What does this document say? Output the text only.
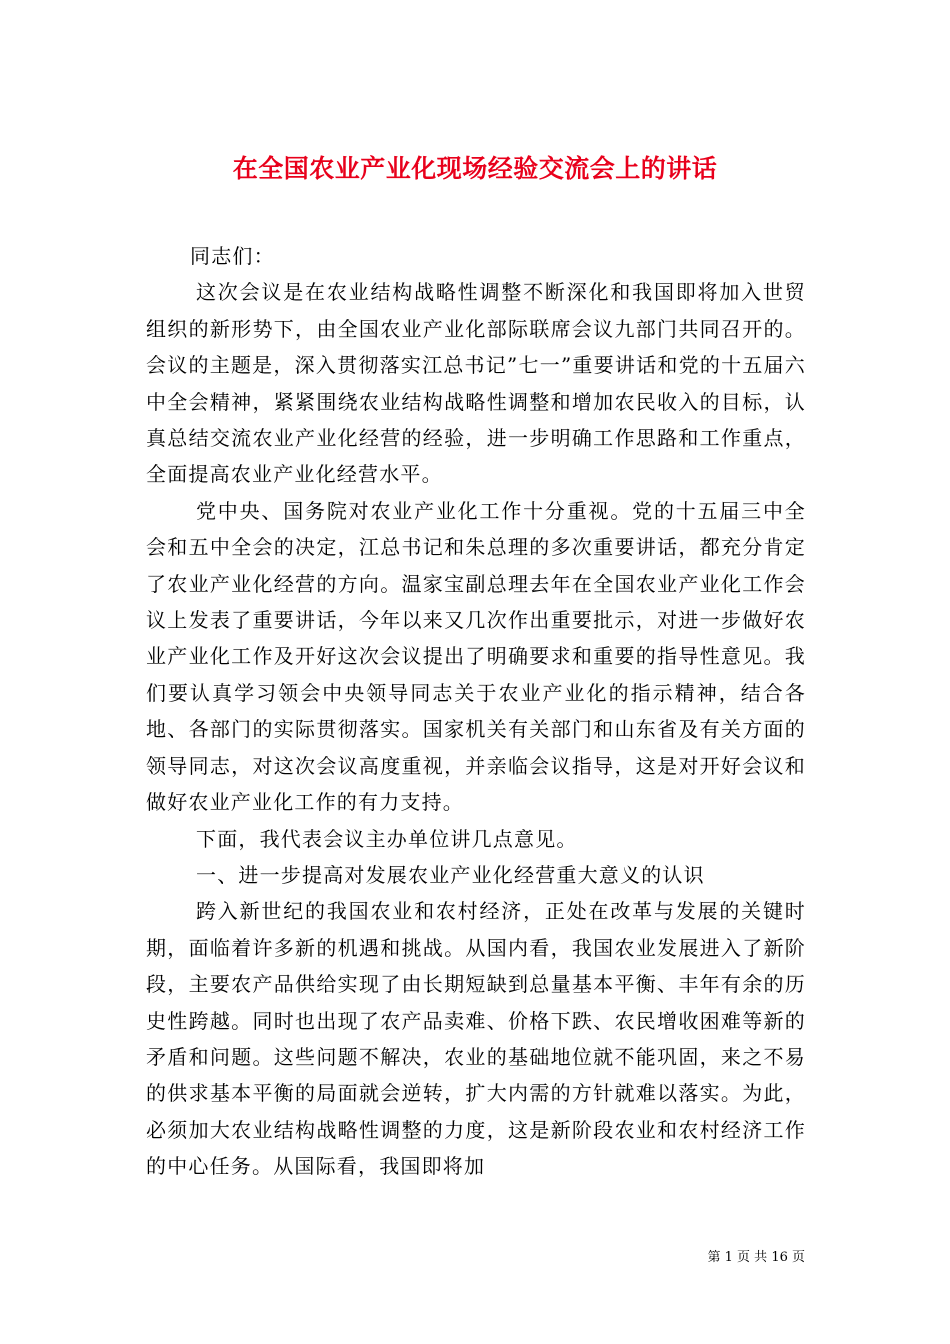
在全国农业产业化现场经验交流会上的讲话

同志们：

这次会议是在农业结构战略性调整不断深化和我国即将加入世贸组织的新形势下，由全国农业产业化部际联席会议九部门共同召开的。会议的主题是，深入贯彻落实江总书记”七一”重要讲话和党的十五届六中全会精神，紧紧围绕农业结构战略性调整和增加农民收入的目标，认真总结交流农业产业化经营的经验，进一步明确工作思路和工作重点，全面提高农业产业化经营水平。

党中央、国务院对农业产业化工作十分重视。党的十五届三中全会和五中全会的决定，江总书记和朱总理的多次重要讲话，都充分肯定了农业产业化经营的方向。温家宝副总理去年在全国农业产业化工作会议上发表了重要讲话，今年以来又几次作出重要批示，对进一步做好农业产业化工作及开好这次会议提出了明确要求和重要的指导性意见。我们要认真学习领会中央领导同志关于农业产业化的指示精神，结合各地、各部门的实际贯彻落实。国家机关有关部门和山东省及有关方面的领导同志，对这次会议高度重视，并亲临会议指导，这是对开好会议和做好农业产业化工作的有力支持。

下面，我代表会议主办单位讲几点意见。

一、进一步提高对发展农业产业化经营重大意义的认识

跨入新世纪的我国农业和农村经济，正处在改革与发展的关键时期，面临着许多新的机遇和挑战。从国内看，我国农业发展进入了新阶段，主要农产品供给实现了由长期短缺到总量基本平衡、丰年有余的历史性跨越。同时也出现了农产品卖难、价格下跌、农民增收困难等新的矛盾和问题。这些问题不解决，农业的基础地位就不能巩固，来之不易的供求基本平衡的局面就会逆转，扩大内需的方针就难以落实。为此，必须加大农业结构战略性调整的力度，这是新阶段农业和农村经济工作的中心任务。从国际看，我国即将加

第 1 页 共 16 页
